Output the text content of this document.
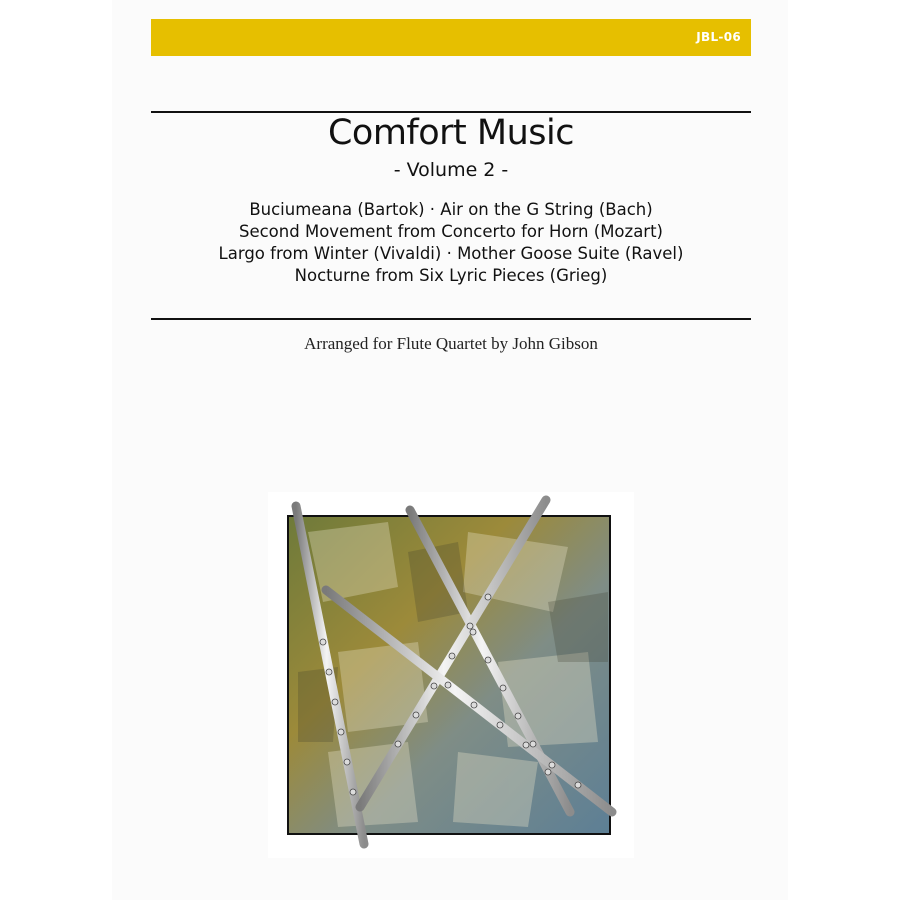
JBL-06
Comfort Music
- Volume 2 -
Buciumeana (Bartok) · Air on the G String (Bach)
Second Movement from Concerto for Horn (Mozart)
Largo from Winter (Vivaldi) · Mother Goose Suite (Ravel)
Nocturne from Six Lyric Pieces (Grieg)
Arranged for Flute Quartet by John Gibson
